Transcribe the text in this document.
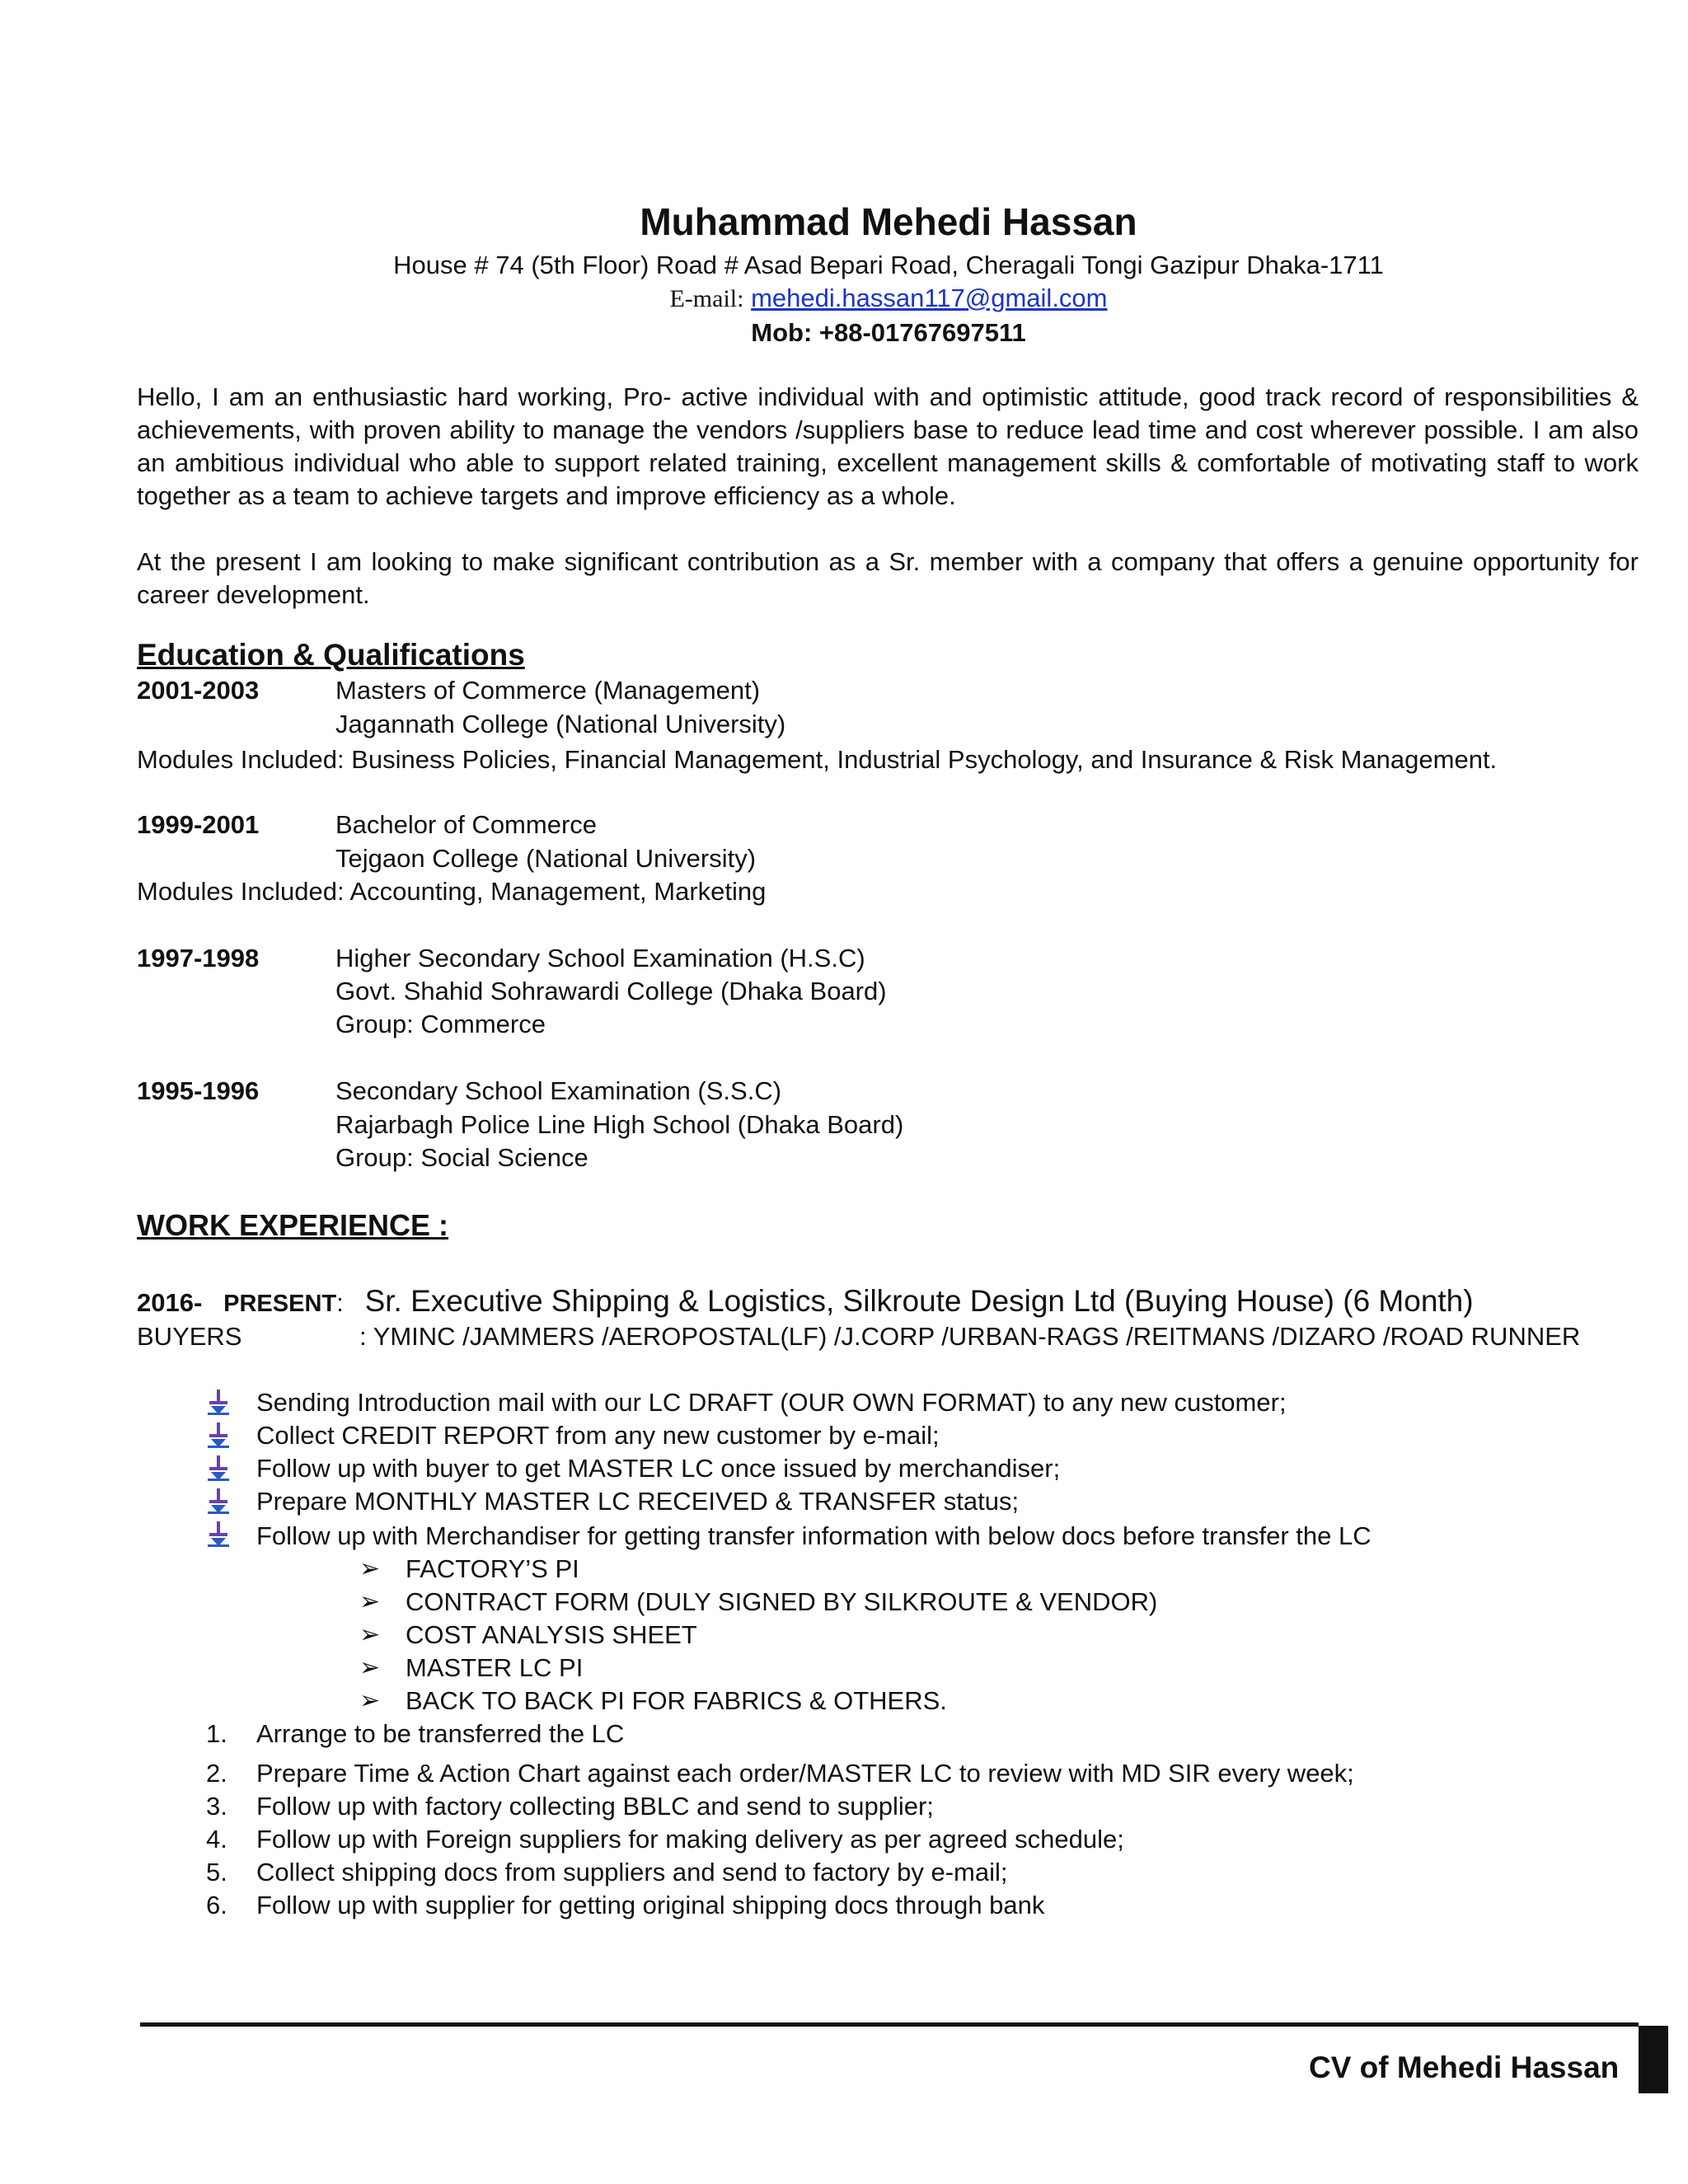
Muhammad Mehedi Hassan
House # 74 (5th Floor) Road # Asad Bepari Road, Cheragali Tongi Gazipur Dhaka-1711
E-mail: mehedi.hassan117@gmail.com
Mob: +88-01767697511
Hello, I am an enthusiastic hard working, Pro- active individual with and optimistic attitude, good track record of responsibilities & achievements, with proven ability to manage the vendors /suppliers base to reduce lead time and cost wherever possible. I am also an ambitious individual who able to support related training, excellent management skills & comfortable of motivating staff to work together as a team to achieve targets and improve efficiency as a whole.
At the present I am looking to make significant contribution as a Sr. member with a company that offers a genuine opportunity for career development.
Education & Qualifications
2001-2003	Masters of Commerce (Management)
Jagannath College (National University)
Modules Included: Business Policies, Financial Management, Industrial Psychology, and Insurance & Risk Management.
1999-2001	Bachelor of Commerce
Tejgaon College (National University)
Modules Included: Accounting, Management, Marketing
1997-1998	Higher Secondary School Examination (H.S.C)
Govt. Shahid Sohrawardi College (Dhaka Board)
Group: Commerce
1995-1996	Secondary School Examination (S.S.C)
Rajarbagh Police Line High School (Dhaka Board)
Group: Social Science
WORK EXPERIENCE :
2016- PRESENT: Sr. Executive Shipping & Logistics, Silkroute Design Ltd (Buying House) (6 Month)
BUYERS	: YMINC /JAMMERS /AEROPOSTAL(LF) /J.CORP /URBAN-RAGS /REITMANS /DIZARO /ROAD RUNNER
Sending Introduction mail with our LC DRAFT (OUR OWN FORMAT) to any new customer;
Collect CREDIT REPORT from any new customer by e-mail;
Follow up with buyer to get MASTER LC once issued by merchandiser;
Prepare MONTHLY MASTER LC RECEIVED & TRANSFER status;
Follow up with Merchandiser for getting transfer information with below docs before transfer the LC
➢ FACTORY’S PI
➢ CONTRACT FORM (DULY SIGNED BY SILKROUTE & VENDOR)
➢ COST ANALYSIS SHEET
➢ MASTER LC PI
➢ BACK TO BACK PI FOR FABRICS & OTHERS.
1. Arrange to be transferred the LC
2. Prepare Time & Action Chart against each order/MASTER LC to review with MD SIR every week;
3. Follow up with factory collecting BBLC and send to supplier;
4. Follow up with Foreign suppliers for making delivery as per agreed schedule;
5. Collect shipping docs from suppliers and send to factory by e-mail;
6. Follow up with supplier for getting original shipping docs through bank
CV of Mehedi Hassan
